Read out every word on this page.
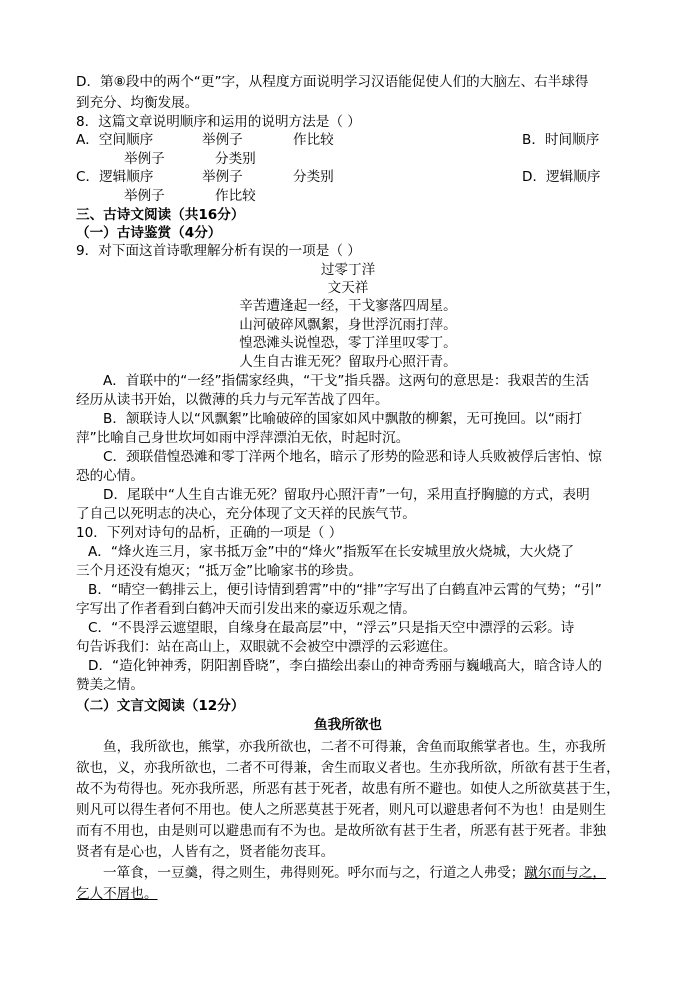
D．第⑧段中的两个“更”字，从程度方面说明学习汉语能促使人们的大脑左、右半球得
到充分、均衡发展。
8．这篇文章说明顺序和运用的说明方法是（ ）
A．空间顺序	举例子	作比较	B．时间顺序
举例子	分类别
C．逻辑顺序	举例子	分类别	D．逻辑顺序
举例子	作比较
三、古诗文阅读（共16分）
（一）古诗鉴赏（4分）
9．对下面这首诗歌理解分析有误的一项是（ ）
过零丁洋
文天祥
辛苦遭逢起一经，干戈寥落四周星。
山河破碎风飘絮，身世浮沉雨打萍。
惶恐滩头说惶恐，零丁洋里叹零丁。
人生自古谁无死？留取丹心照汗青。
A．首联中的“一经”指儒家经典，“干戈”指兵器。这两句的意思是：我艰苦的生活
经历从读书开始，以微薄的兵力与元军苦战了四年。
B．颔联诗人以“风飘絮”比喻破碎的国家如风中飘散的柳絮，无可挽回。以“雨打
萍”比喻自己身世坎坷如雨中浮萍漂泊无依，时起时沉。
C．颈联借惶恐滩和零丁洋两个地名，暗示了形势的险恶和诗人兵败被俘后害怕、惊
恐的心情。
D．尾联中“人生自古谁无死？留取丹心照汗青”一句，采用直抒胸臆的方式，表明
了自己以死明志的决心，充分体现了文天祥的民族气节。
10．下列对诗句的品析，正确的一项是（ ）
A．“烽火连三月，家书抵万金”中的“烽火”指叛军在长安城里放火烧城，大火烧了
三个月还没有熄灭；“抵万金”比喻家书的珍贵。
B．“晴空一鹤排云上，便引诗情到碧霄”中的“排”字写出了白鹤直冲云霄的气势；“引”
字写出了作者看到白鹤冲天而引发出来的豪迈乐观之情。
C．“不畏浮云遮望眼，自缘身在最高层”中，“浮云”只是指天空中漂浮的云彩。诗
句告诉我们：站在高山上，双眼就不会被空中漂浮的云彩遮住。
D．“造化钟神秀，阴阳割昏晓”，李白描绘出泰山的神奇秀丽与巍峨高大，暗含诗人的
赞美之情。
（二）文言文阅读（12分）
鱼我所欲也
鱼，我所欲也，熊掌，亦我所欲也，二者不可得兼，舍鱼而取熊掌者也。生，亦我所
欲也，义，亦我所欲也，二者不可得兼，舍生而取义者也。生亦我所欲，所欲有甚于生者，
故不为苟得也。死亦我所恶，所恶有甚于死者，故患有所不避也。如使人之所欲莫甚于生，
则凡可以得生者何不用也。使人之所恶莫甚于死者，则凡可以避患者何不为也！由是则生
而有不用也，由是则可以避患而有不为也。是故所欲有甚于生者，所恶有甚于死者。非独
贤者有是心也，人皆有之，贤者能勿丧耳。
一箪食，一豆羹，得之则生，弗得则死。呼尔而与之，行道之人弗受；蹴尔而与之，
乞人不屑也。
